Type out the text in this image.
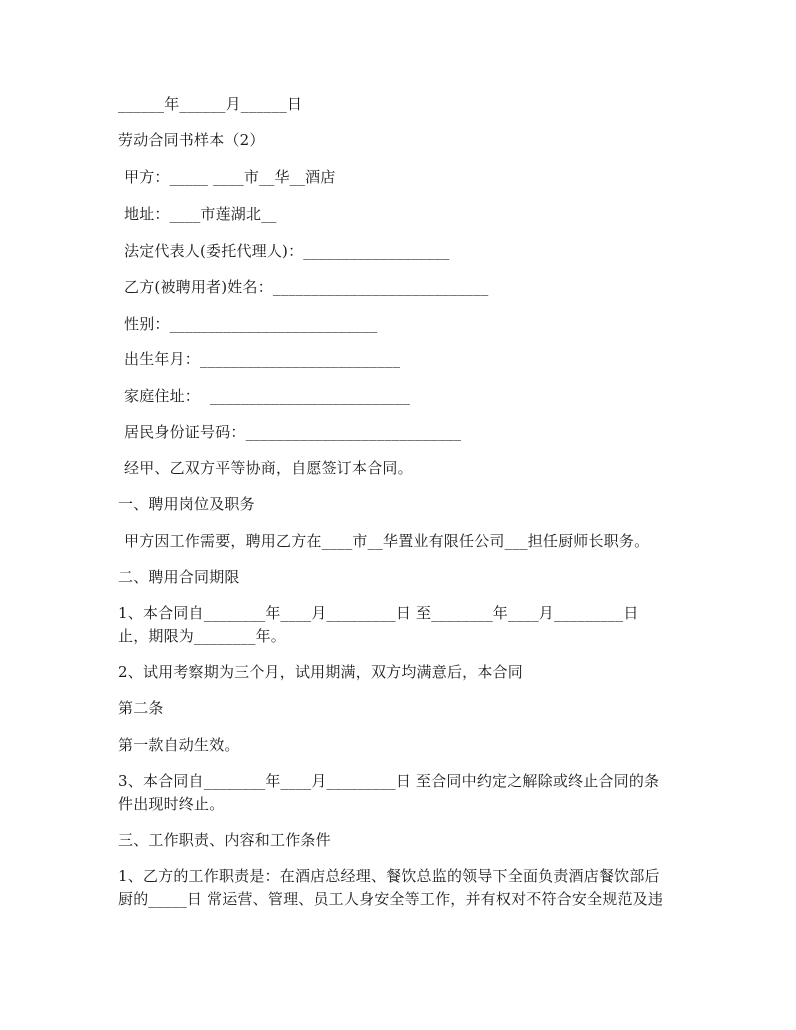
______年______月______日
劳动合同书样本（2）
甲方：_____ ____市__华__酒店
地址：____市莲湖北__
法定代表人(委托代理人)：___________________
乙方(被聘用者)姓名：____________________________
性别：___________________________
出生年月：__________________________
家庭住址：  __________________________
居民身份证号码：____________________________
经甲、乙双方平等协商，自愿签订本合同。
一、聘用岗位及职务
甲方因工作需要，聘用乙方在____市__华置业有限任公司___担任厨师长职务。
二、聘用合同期限
1、本合同自________年____月_________日 至________年____月_________日
止，期限为________年。
2、试用考察期为三个月，试用期满，双方均满意后，本合同
第二条
第一款自动生效。
3、本合同自________年____月_________日 至合同中约定之解除或终止合同的条
件出现时终止。
三、工作职责、内容和工作条件
1、乙方的工作职责是：在酒店总经理、餐饮总监的领导下全面负责酒店餐饮部后
厨的_____日 常运营、管理、员工人身安全等工作，并有权对不符合安全规范及违
